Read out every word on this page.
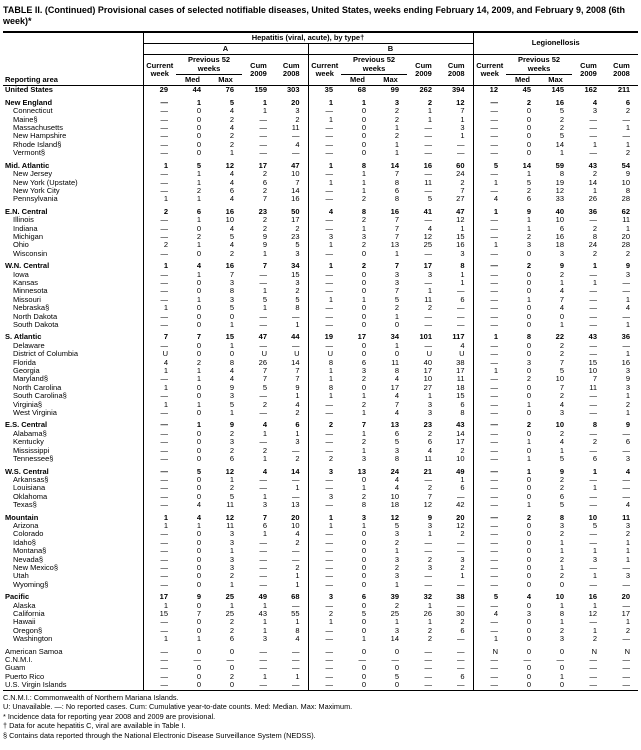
TABLE II. (Continued) Provisional cases of selected notifiable diseases, United States, weeks ending February 14, 2009, and February 9, 2008 (6th week)*
Reporting area	Hepatitis (viral, acute), by type†										Legionellosis				
	A					B									
	Current week	Previous 52 weeks		Cum 2009	Cum 2008	Current week	Previous 52 weeks		Cum 2009	Cum 2008	Current week	Previous 52 weeks		Cum 2009	Cum 2008
		Med	Max				Med	Max				Med	Max		
United States	29	44	76	159	303	35	68	99	262	394	12	45	145	162	211
New England	—	1	5	1	20	1	1	3	2	12	—	2	16	4	6
Connecticut	—	0	4	1	3	—	0	2	1	7	—	0	5	3	2
Maine§	—	0	2	—	2	1	0	2	1	1	—	0	2	—	—
Massachusetts	—	0	4	—	11	—	0	1	—	3	—	0	2	—	1
New Hampshire	—	0	2	—	—	—	0	2	—	1	—	0	5	—	—
Rhode Island§	—	0	2	—	4	—	0	1	—	—	—	0	14	1	1
Vermont§	—	0	1	—	—	—	0	1	—	—	—	0	1	—	2
Mid. Atlantic	1	5	12	17	47	1	8	14	16	60	5	14	59	43	54
New Jersey	—	1	4	2	10	—	1	7	—	24	—	1	8	2	9
New York (Upstate)	—	1	4	6	7	1	1	8	11	2	1	5	19	14	10
New York City	—	2	6	2	14	—	1	6	—	7	—	2	12	1	8
Pennsylvania	1	1	4	7	16	—	2	8	5	27	4	6	33	26	28
E.N. Central	2	6	16	23	50	4	8	16	41	47	1	9	40	36	62
Illinois	—	1	10	2	17	—	2	7	—	12	—	1	10	—	11
Indiana	—	0	4	2	2	—	1	7	4	1	—	1	6	2	1
Michigan	—	2	5	9	23	3	3	7	12	15	—	2	16	8	20
Ohio	2	1	4	9	5	1	2	13	25	16	1	3	18	24	28
Wisconsin	—	0	2	1	3	—	0	1	—	3	—	0	3	2	2
W.N. Central	1	4	16	7	34	1	2	7	17	8	—	2	9	1	9
Iowa	—	1	7	—	15	—	0	3	3	1	—	0	2	—	3
Kansas	—	0	3	—	3	—	0	3	—	1	—	0	1	1	—
Minnesota	—	0	8	1	2	—	0	7	1	—	—	0	4	—	—
Missouri	—	1	3	5	5	1	1	5	11	6	—	1	7	—	1
Nebraska§	1	0	5	1	8	—	0	2	2	—	—	0	4	—	4
North Dakota	—	0	0	—	—	—	0	1	—	—	—	0	0	—	—
South Dakota	—	0	1	—	1	—	0	0	—	—	—	0	1	—	1
S. Atlantic	7	7	15	47	44	19	17	34	101	117	1	8	22	43	36
Delaware	—	0	1	—	—	—	0	1	—	4	—	0	2	—	—
District of Columbia	U	0	0	U	U	U	0	0	U	U	—	0	2	—	1
Florida	4	2	8	26	14	8	6	11	40	38	—	3	7	15	16
Georgia	1	1	4	7	7	1	3	8	17	17	1	0	5	10	3
Maryland§	—	1	4	7	7	1	2	4	10	11	—	2	10	7	9
North Carolina	1	0	9	5	9	8	0	17	27	18	—	0	7	11	3
South Carolina§	—	0	3	—	1	1	1	4	1	15	—	0	2	—	1
Virginia§	1	1	5	2	4	—	2	7	3	6	—	1	4	—	2
West Virginia	—	0	1	—	2	—	1	4	3	8	—	0	3	—	1
E.S. Central	—	1	9	4	6	2	7	13	23	43	—	2	10	8	9
Alabama§	—	0	2	1	1	—	1	6	2	14	—	0	2	—	—
Kentucky	—	0	3	—	3	—	2	5	6	17	—	1	4	2	6
Mississippi	—	0	2	2	—	—	1	3	4	2	—	0	1	—	—
Tennessee§	—	0	6	1	2	2	3	8	11	10	—	1	5	6	3
W.S. Central	—	5	12	4	14	3	13	24	21	49	—	1	9	1	4
Arkansas§	—	0	1	—	—	—	0	4	—	1	—	0	2	—	—
Louisiana	—	0	2	—	1	—	1	4	2	6	—	0	2	1	—
Oklahoma	—	0	5	1	—	3	2	10	7	—	—	0	6	—	—
Texas§	—	4	11	3	13	—	8	18	12	42	—	1	5	—	4
Mountain	1	4	12	7	20	1	3	12	9	20	—	2	8	10	11
Arizona	1	1	11	6	10	1	1	5	3	12	—	0	3	5	3
Colorado	—	0	3	1	4	—	0	3	1	2	—	0	2	—	2
Idaho§	—	0	3	—	2	—	0	2	—	—	—	0	1	—	1
Montana§	—	0	1	—	—	—	0	1	—	—	—	0	1	1	1
Nevada§	—	0	3	—	—	—	0	3	2	3	—	0	2	3	1
New Mexico§	—	0	3	—	2	—	0	2	3	2	—	0	1	—	—
Utah	—	0	2	—	1	—	0	3	—	1	—	0	2	1	3
Wyoming§	—	0	1	—	1	—	0	1	—	—	—	0	0	—	—
Pacific	17	9	25	49	68	3	6	39	32	38	5	4	10	16	20
Alaska	1	0	1	1	—	—	0	2	1	—	—	0	1	1	—
California	15	7	25	43	55	2	5	25	26	30	4	3	8	12	17
Hawaii	—	0	2	1	1	1	0	1	1	2	—	0	1	—	1
Oregon§	—	0	2	1	8	—	0	3	2	6	—	0	2	1	2
Washington	1	1	6	3	4	—	1	14	2	—	1	0	3	2	—
American Samoa	—	0	0	—	—	—	0	0	—	—	N	0	0	N	N
C.N.M.I.	—	—	—	—	—	—	—	—	—	—	—	—	—	—	—
Guam	—	0	0	—	—	—	0	0	—	—	—	0	0	—	—
Puerto Rico	—	0	2	1	1	—	0	5	—	6	—	0	1	—	—
U.S. Virgin Islands	—	0	0	—	—	—	0	0	—	—	—	0	0	—	—
C.N.M.I.: Commonwealth of Northern Mariana Islands.
U: Unavailable. —: No reported cases. Cum: Cumulative year-to-date counts. Med: Median. Max: Maximum.
* Incidence data for reporting year 2008 and 2009 are provisional.
† Data for acute hepatitis C, viral are available in Table I.
§ Contains data reported through the National Electronic Disease Surveillance System (NEDSS).
